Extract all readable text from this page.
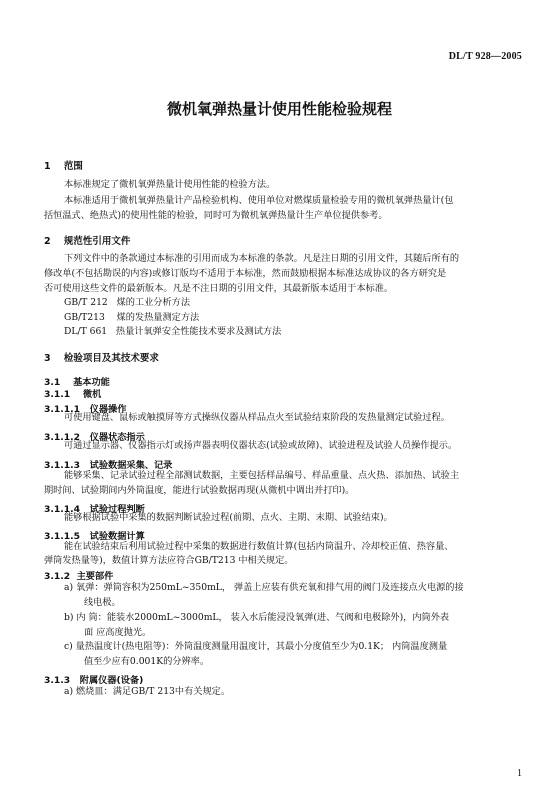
DL/T 928—2005
微机氧弹热量计使用性能检验规程
1 范围
本标准规定了微机氧弹热量计使用性能的检验方法。
本标准适用于微机氧弹热量计产品检验机构、使用单位对燃煤质量检验专用的微机氧弹热量计(包
括恒温式、绝热式)的使用性能的检验，同时可为微机氧弹热量计生产单位提供参考。
2 规范性引用文件
下列文件中的条款通过本标准的引用而成为本标准的条款。凡是注日期的引用文件，其随后所有的
修改单(不包括勘误的内容)或修订版均不适用于本标准，然而鼓励根据本标准达成协议的各方研究是
否可使用这些文件的最新版本。凡是不注日期的引用文件，其最新版本适用于本标准。
GB/T 212 煤的工业分析方法
GB/T213 煤的发热量测定方法
DL/T 661 热量计氧弹安全性能技术要求及测试方法
3 检验项目及其技术要求
3.1 基本功能
3.1.1 微机
3.1.1.1 仪器操作
可使用键盘、鼠标或触摸屏等方式操纵仪器从样品点火至试验结束阶段的发热量测定试验过程。
3.1.1.2 仪器状态指示
可通过显示器、仪器指示灯或扬声器表明仪器状态(试验或故障)、试验进程及试验人员操作提示。
3.1.1.3 试验数据采集、记录
能够采集、记录试验过程全部测试数据，主要包括样品编号、样品重量、点火热、添加热、试验主
期时间、试验期间内外筒温度，能进行试验数据再现(从微机中调出并打印)。
3.1.1.4 试验过程判断
能够根据试验中采集的数据判断试验过程(前期、点火、主期、末期、试验结束)。
3.1.1.5 试验数据计算
能在试验结束后利用试验过程中采集的数据进行数值计算(包括内筒温升、冷却校正值、热容量、
弹筒发热量等)，数值计算方法应符合GB/T213 中相关规定。
3.1.2 主要部件
a) 氧弹：弹筒容积为250mL~350mL， 弹盖上应装有供充氧和排气用的阀门及连接点火电源的接
线电极。
b) 内 筒：能装水2000mL~3000mL， 装入水后能浸没氧弹(进、气阀和电极除外)，内筒外表
面 应高度抛光。
c) 量热温度计(热电阻等)：外筒温度测量用温度计，其最小分度值至少为0.1K； 内筒温度测量
值至少应有0.001K的分辨率。
3.1.3 附属仪器(设备)
a) 燃烧皿：满足GB/T 213中有关规定。
1
